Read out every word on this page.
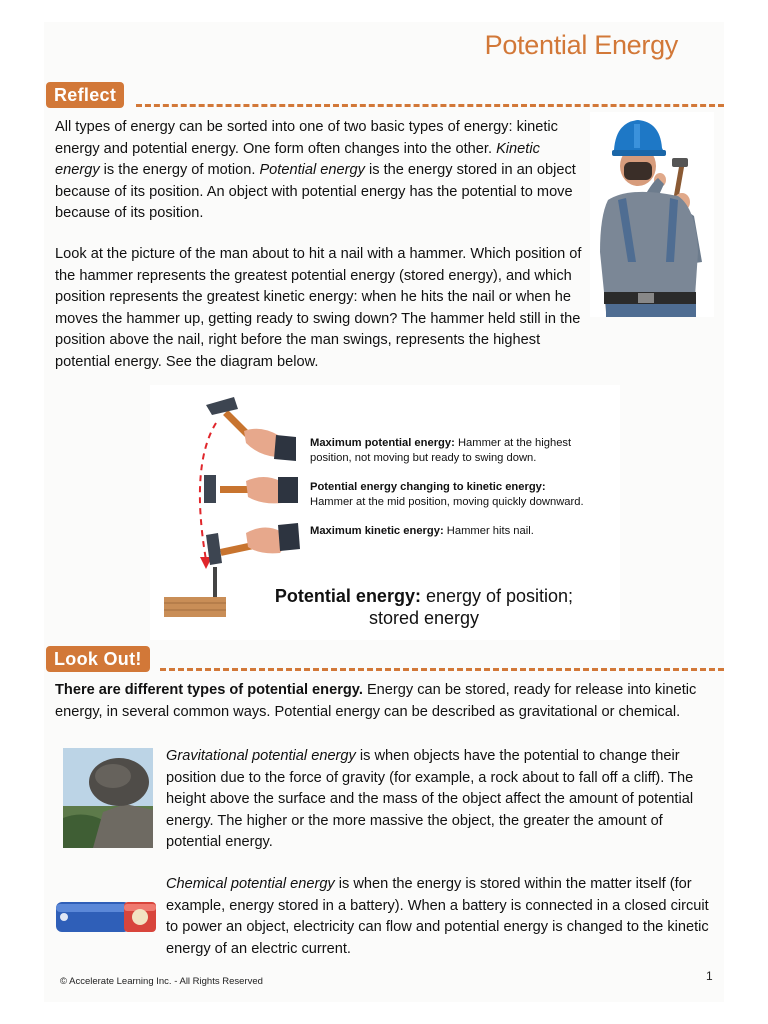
Potential Energy
Reflect
All types of energy can be sorted into one of two basic types of energy: kinetic energy and potential energy. One form often changes into the other. Kinetic energy is the energy of motion. Potential energy is the energy stored in an object because of its position. An object with potential energy has the potential to move because of its position.
Look at the picture of the man about to hit a nail with a hammer. Which position of the hammer represents the greatest potential energy (stored energy), and which position represents the greatest kinetic energy: when he hits the nail or when he moves the hammer up, getting ready to swing down? The hammer held still in the position above the nail, right before the man swings, represents the highest potential energy. See the diagram below.
Maximum potential energy: Hammer at the highest position, not moving but ready to swing down.
Potential energy changing to kinetic energy:
Hammer at the mid position, moving quickly downward.
Maximum kinetic energy: Hammer hits nail.
Potential energy: energy of position; stored energy
Look Out!
There are different types of potential energy. Energy can be stored, ready for release into kinetic energy, in several common ways. Potential energy can be described as gravitational or chemical.
Gravitational potential energy is when objects have the potential to change their position due to the force of gravity (for example, a rock about to fall off a cliff). The height above the surface and the mass of the object affect the amount of potential energy. The higher or the more massive the object, the greater the amount of potential energy.
Chemical potential energy is when the energy is stored within the matter itself (for example, energy stored in a battery). When a battery is connected in a closed circuit to power an object, electricity can flow and potential energy is changed to the kinetic energy of an electric current.
© Accelerate Learning Inc. - All Rights Reserved	1
